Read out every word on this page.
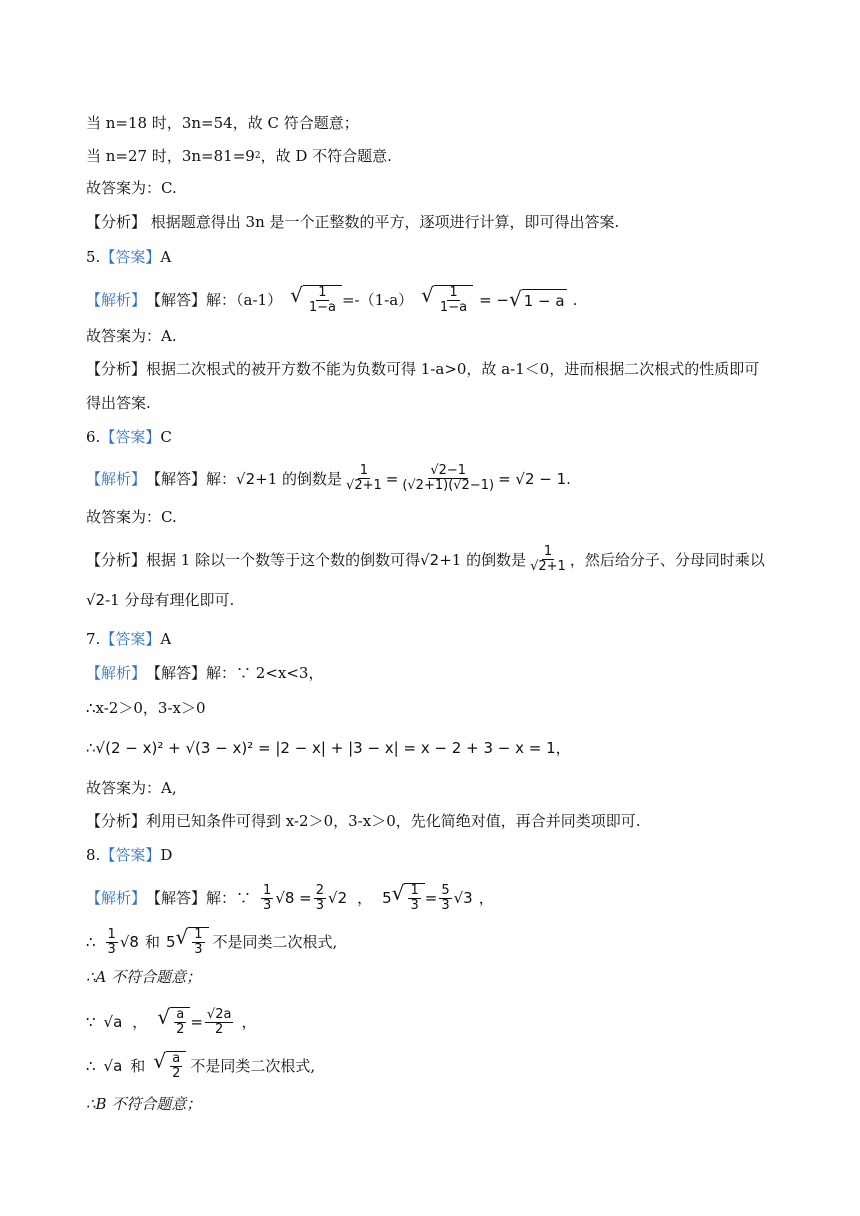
当 n=18 时，3n=54，故 C 符合题意；
当 n=27 时，3n=81=9 2 ，故 D 不符合题意.
故答案为：C.
【分析】 根据题意得出 3n 是一个正整数的平方，逐项进行计算，即可得出答案.
5. 【答案】 A
【解析】 【解答】解：（a-1） √ $\frac{1}{1-a} =-(1-a)$ √ $\frac{1}{1-a}$ = − √ 1 − a .
故答案为：A.
【分析】根据二次根式的被开方数不能为负数可得 1-a>0，故 a-1＜0，进而根据二次根式的性质即可
得出答案.
6. 【答案】 C
【解析】 【解答】解： √2 +1 的倒数是 $\frac{1}{√2+1} = \frac{√2-1}{(√2+1)(√2-1)} = √2 - 1$.
故答案为：C.
【分析】根据 1 除以一个数等于这个数的倒数可得 √2 +1 的倒数是 $\frac{1}{√2+1}$ ，然后给分子、分母同时乘以
√2 -1 分母有理化即可.
7. 【答案】 A
【解析】 【解答】解：∵ 2<x<3，
∴x-2＞0，3-x＞0
∴√(2 − x)² + √(3 − x)² = |2 − x| + |3 − x| = x − 2 + 3 − x = 1，
故答案为：A,
【分析】利用已知条件可得到 x-2＞0，3-x＞0，先化简绝对值，再合并同类项即可.
8. 【答案】 D
【解析】 【解答】解：∵ $\frac{1}{3} √8 = \frac{2}{3} √2$ ， 5 √ $\frac{1}{3} = \frac{5}{3} √3$ ，
∴ $\frac{1}{3}$ √ 8 和 5 √ $\frac{1}{3}$ 不是同类二次根式,
∴A 不符合题意；
∵ √a ， √ $\frac{a}{2} = \frac{√2a}{2}$ ，
∴ √a 和 √ $\frac{a}{2}$ 不是同类二次根式,
∴B 不符合题意；
